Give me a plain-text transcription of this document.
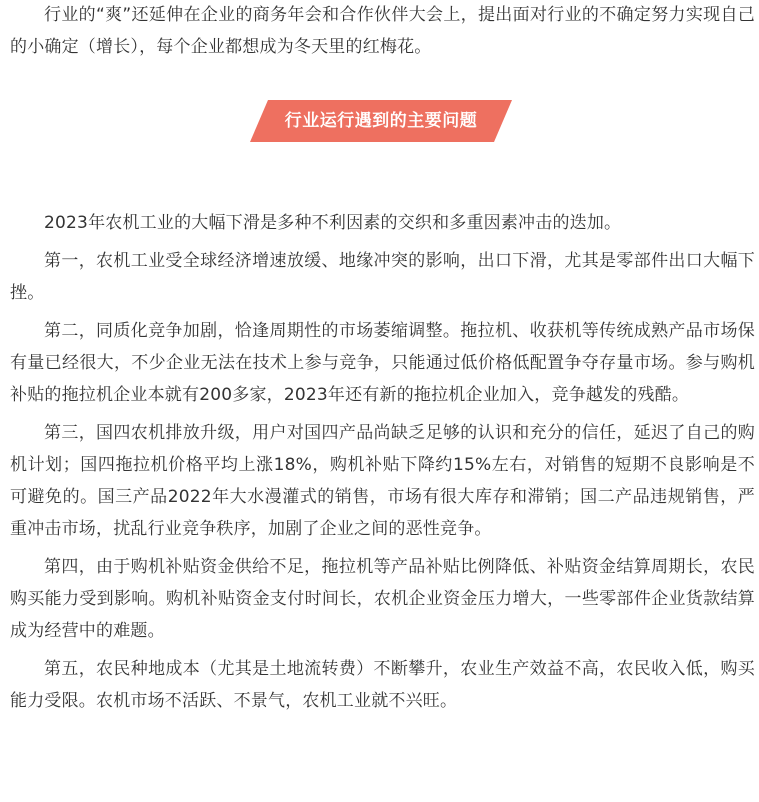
行业的“爽”还延伸在企业的商务年会和合作伙伴大会上，提出面对行业的不确定努力实现自己的小确定（增长），每个企业都想成为冬天里的红梅花。

行业运行遇到的主要问题

2023年农机工业的大幅下滑是多种不利因素的交织和多重因素冲击的迭加。

第一，农机工业受全球经济增速放缓、地缘冲突的影响，出口下滑，尤其是零部件出口大幅下挫。

第二，同质化竞争加剧，恰逢周期性的市场萎缩调整。拖拉机、收获机等传统成熟产品市场保有量已经很大，不少企业无法在技术上参与竞争，只能通过低价格低配置争夺存量市场。参与购机补贴的拖拉机企业本就有200多家，2023年还有新的拖拉机企业加入，竞争越发的残酷。

第三，国四农机排放升级，用户对国四产品尚缺乏足够的认识和充分的信任，延迟了自己的购机计划；国四拖拉机价格平均上涨18%，购机补贴下降约15%左右，对销售的短期不良影响是不可避免的。国三产品2022年大水漫灌式的销售，市场有很大库存和滞销；国二产品违规销售，严重冲击市场，扰乱行业竞争秩序，加剧了企业之间的恶性竞争。

第四，由于购机补贴资金供给不足，拖拉机等产品补贴比例降低、补贴资金结算周期长，农民购买能力受到影响。购机补贴资金支付时间长，农机企业资金压力增大，一些零部件企业货款结算成为经营中的难题。

第五，农民种地成本（尤其是土地流转费）不断攀升，农业生产效益不高，农民收入低，购买能力受限。农机市场不活跃、不景气，农机工业就不兴旺。
